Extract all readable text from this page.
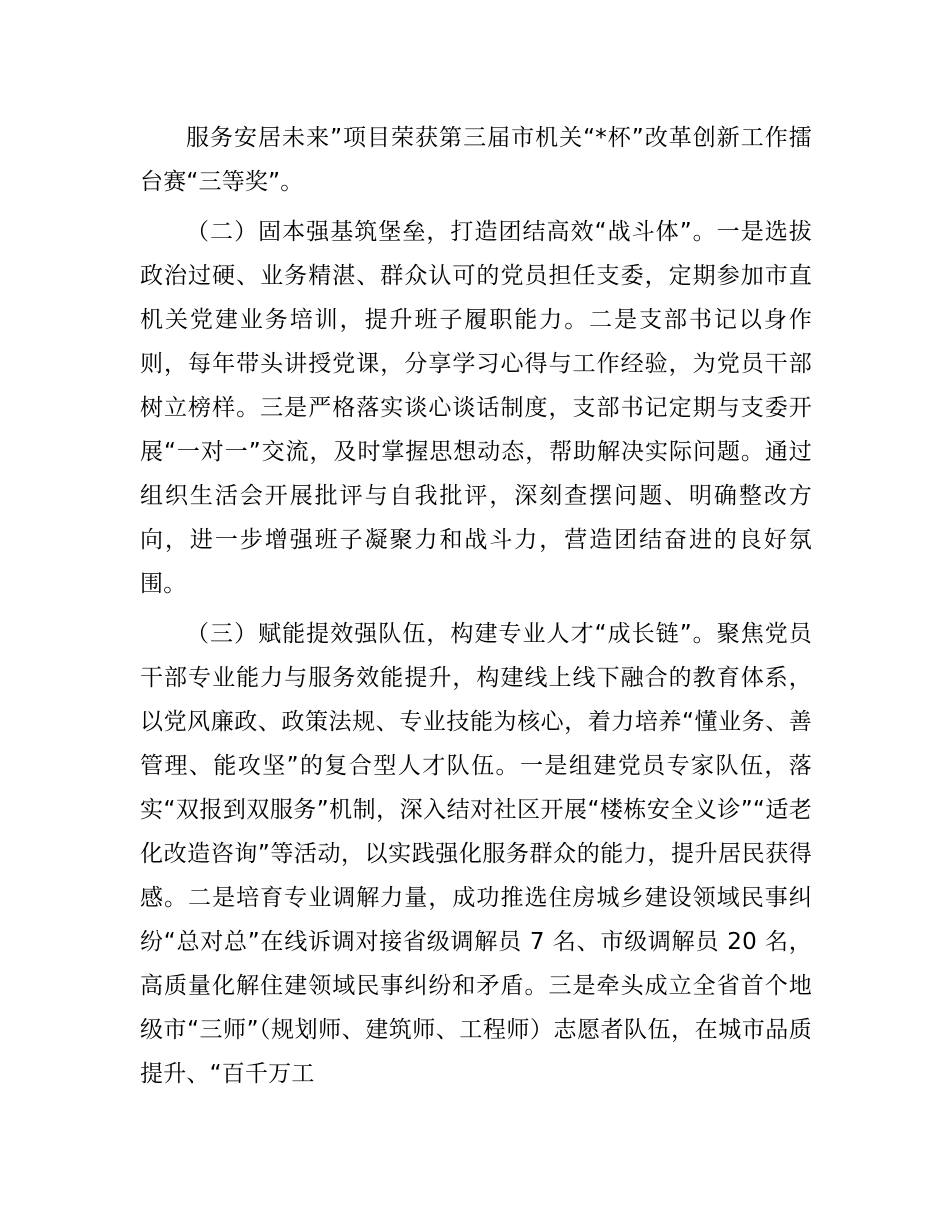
服务安居未来”项目荣获第三届市机关“*杯”改革创新工作擂台赛“三等奖”。

（二）固本强基筑堡垒，打造团结高效“战斗体”。一是选拔政治过硬、业务精湛、群众认可的党员担任支委，定期参加市直机关党建业务培训，提升班子履职能力。二是支部书记以身作则，每年带头讲授党课，分享学习心得与工作经验，为党员干部树立榜样。三是严格落实谈心谈话制度，支部书记定期与支委开展“一对一”交流，及时掌握思想动态，帮助解决实际问题。通过组织生活会开展批评与自我批评，深刻查摆问题、明确整改方向，进一步增强班子凝聚力和战斗力，营造团结奋进的良好氛围。

（三）赋能提效强队伍，构建专业人才“成长链”。聚焦党员干部专业能力与服务效能提升，构建线上线下融合的教育体系，以党风廉政、政策法规、专业技能为核心，着力培养“懂业务、善管理、能攻坚”的复合型人才队伍。一是组建党员专家队伍，落实“双报到双服务”机制，深入结对社区开展“楼栋安全义诊”“适老化改造咨询”等活动，以实践强化服务群众的能力，提升居民获得感。二是培育专业调解力量，成功推选住房城乡建设领域民事纠纷“总对总”在线诉调对接省级调解员 7 名、市级调解员 20 名，高质量化解住建领域民事纠纷和矛盾。三是牵头成立全省首个地级市“三师”（规划师、建筑师、工程师）志愿者队伍，在城市品质提升、“百千万工
